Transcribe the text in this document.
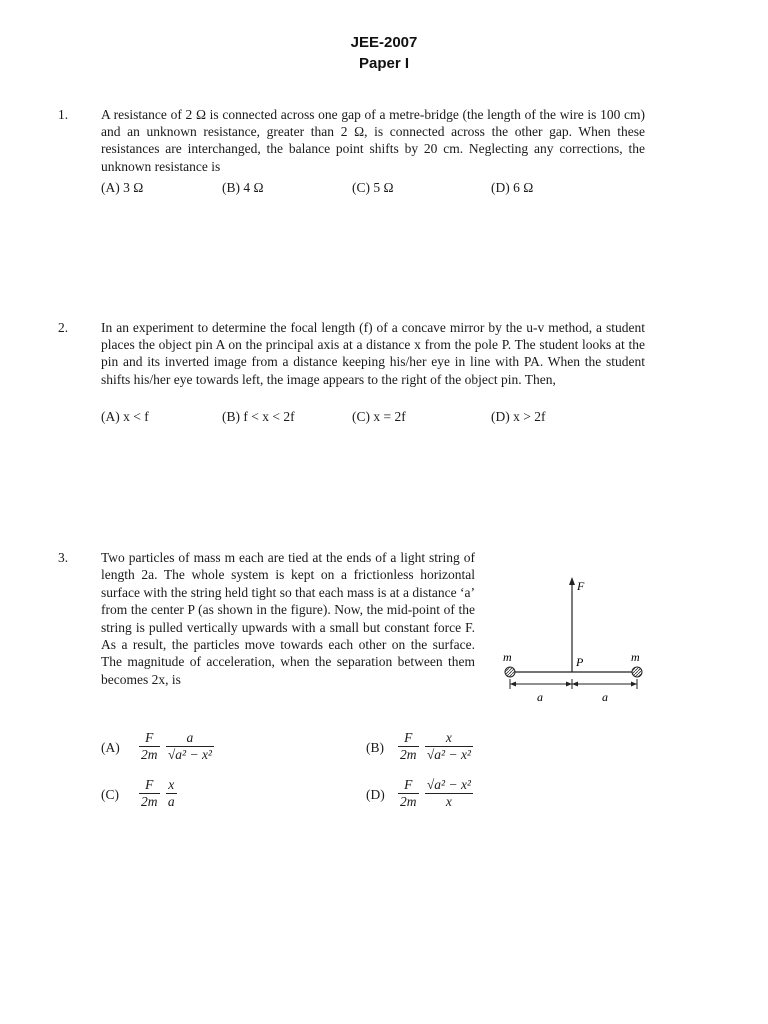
JEE-2007
Paper I
1. A resistance of 2 Ω is connected across one gap of a metre-bridge (the length of the wire is 100 cm) and an unknown resistance, greater than 2 Ω, is connected across the other gap. When these resistances are interchanged, the balance point shifts by 20 cm. Neglecting any corrections, the unknown resistance is
(A) 3 Ω	(B) 4 Ω	(C) 5 Ω	(D) 6 Ω
2. In an experiment to determine the focal length (f) of a concave mirror by the u-v method, a student places the object pin A on the principal axis at a distance x from the pole P. The student looks at the pin and its inverted image from a distance keeping his/her eye in line with PA. When the student shifts his/her eye towards left, the image appears to the right of the object pin. Then,
(A) x < f	(B) f < x < 2f	(C) x = 2f	(D) x > 2f
3. Two particles of mass m each are tied at the ends of a light string of length 2a. The whole system is kept on a frictionless horizontal surface with the string held tight so that each mass is at a distance ‘a’ from the center P (as shown in the figure). Now, the mid-point of the string is pulled vertically upwards with a small but constant force F. As a result, the particles move towards each other on the surface. The magnitude of acceleration, when the separation between them becomes 2x, is
$(A) \frac{F}{2m}$
$\frac{a}{\text{√a² − x²}}$	$(B) \frac{F}{2m}$
$\frac{x}{\text{√a² − x²}}$
$(C) \frac{F}{2m}$
$\frac{x}{a}$	$(D) \frac{F}{2m}$
$\frac{\text{√a² − x²}}{x}$
F
m	m
P
a	a
